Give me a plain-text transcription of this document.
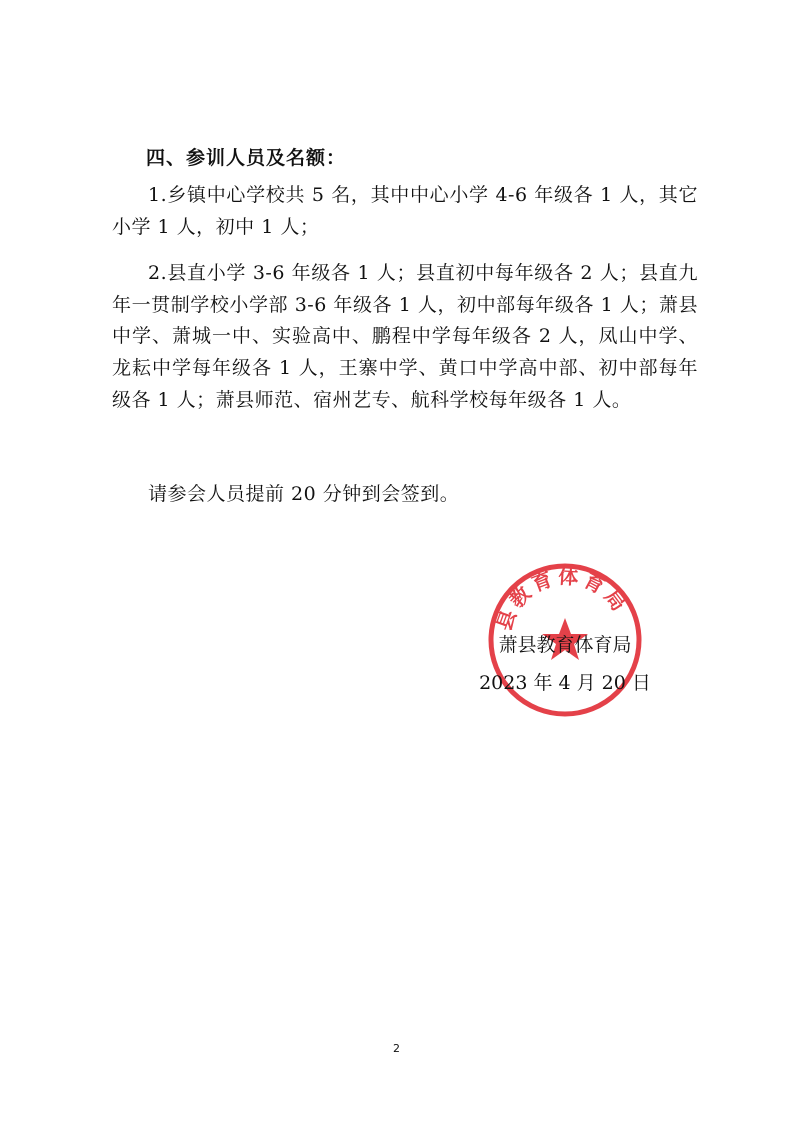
四、参训人员及名额：
1.乡镇中心学校共 5 名，其中中心小学 4-6 年级各 1 人，其它小学 1 人，初中 1 人；
2.县直小学 3-6 年级各 1 人；县直初中每年级各 2 人；县直九年一贯制学校小学部 3-6 年级各 1 人，初中部每年级各 1 人；萧县中学、萧城一中、实验高中、鹏程中学每年级各 2 人，凤山中学、龙耘中学每年级各 1 人，王寨中学、黄口中学高中部、初中部每年级各 1 人；萧县师范、宿州艺专、航科学校每年级各 1 人。
请参会人员提前 20 分钟到会签到。
县教育体育局
萧县教育体育局
2023 年 4 月 20 日
2
